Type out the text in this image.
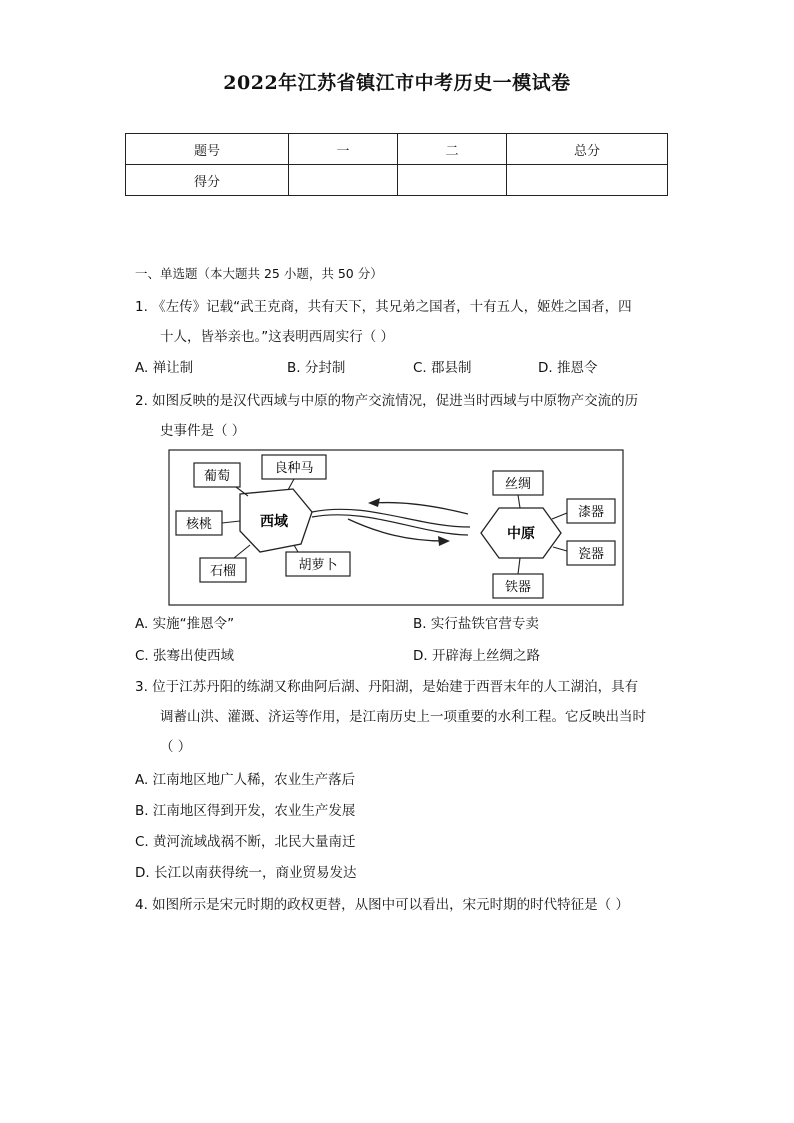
2022年江苏省镇江市中考历史一模试卷
题号	一	二	总分
得分			
一、单选题（本大题共 25 小题，共 50 分）
1. 《左传》记载“武王克商，共有天下，其兄弟之国者，十有五人，姬姓之国者，四
十人，皆举亲也。”这表明西周实行（ ）
A. 禅让制	B. 分封制	C. 郡县制	D. 推恩令
2. 如图反映的是汉代西域与中原的物产交流情况，促进当时西域与中原物产交流的历
史事件是（ ）
西域
葡萄
良种马
核桃
石榴	胡萝卜
中原
丝绸
漆器
瓷器
铁器
A. 实施“推恩令”	B. 实行盐铁官营专卖
C. 张骞出使西域	D. 开辟海上丝绸之路
3. 位于江苏丹阳的练湖又称曲阿后湖、丹阳湖，是始建于西晋末年的人工湖泊，具有
调蓄山洪、灌溉、济运等作用，是江南历史上一项重要的水利工程。它反映出当时
（ ）
A. 江南地区地广人稀，农业生产落后
B. 江南地区得到开发，农业生产发展
C. 黄河流域战祸不断，北民大量南迁
D. 长江以南获得统一，商业贸易发达
4. 如图所示是宋元时期的政权更替，从图中可以看出，宋元时期的时代特征是（ ）
